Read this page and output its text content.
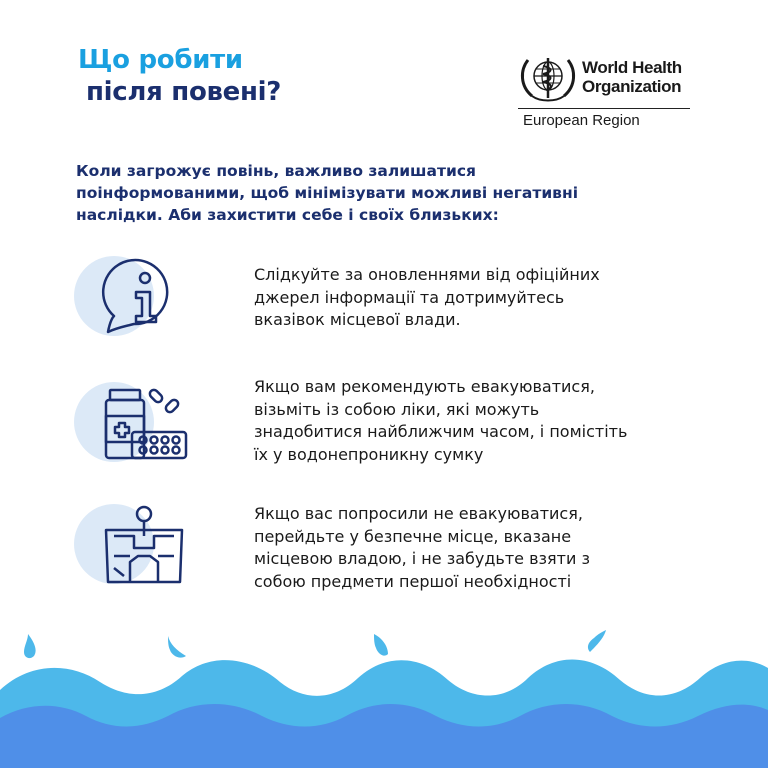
Що робити
після повені?
World Health
Organization
European Region

Коли загрожує повінь, важливо залишатися
поінформованими, щоб мінімізувати можливі негативні
наслідки. Аби захистити себе і своїх близьких:

Слідкуйте за оновленнями від офіційних
джерел інформації та дотримуйтесь
вказівок місцевої влади.

Якщо вам рекомендують евакуюватися,
візьміть із собою ліки, які можуть
знадобитися найближчим часом, і помістіть
їх у водонепроникну сумку

Якщо вас попросили не евакуюватися,
перейдьте у безпечне місце, вказане
місцевою владою, і не забудьте взяти з
собою предмети першої необхідності
